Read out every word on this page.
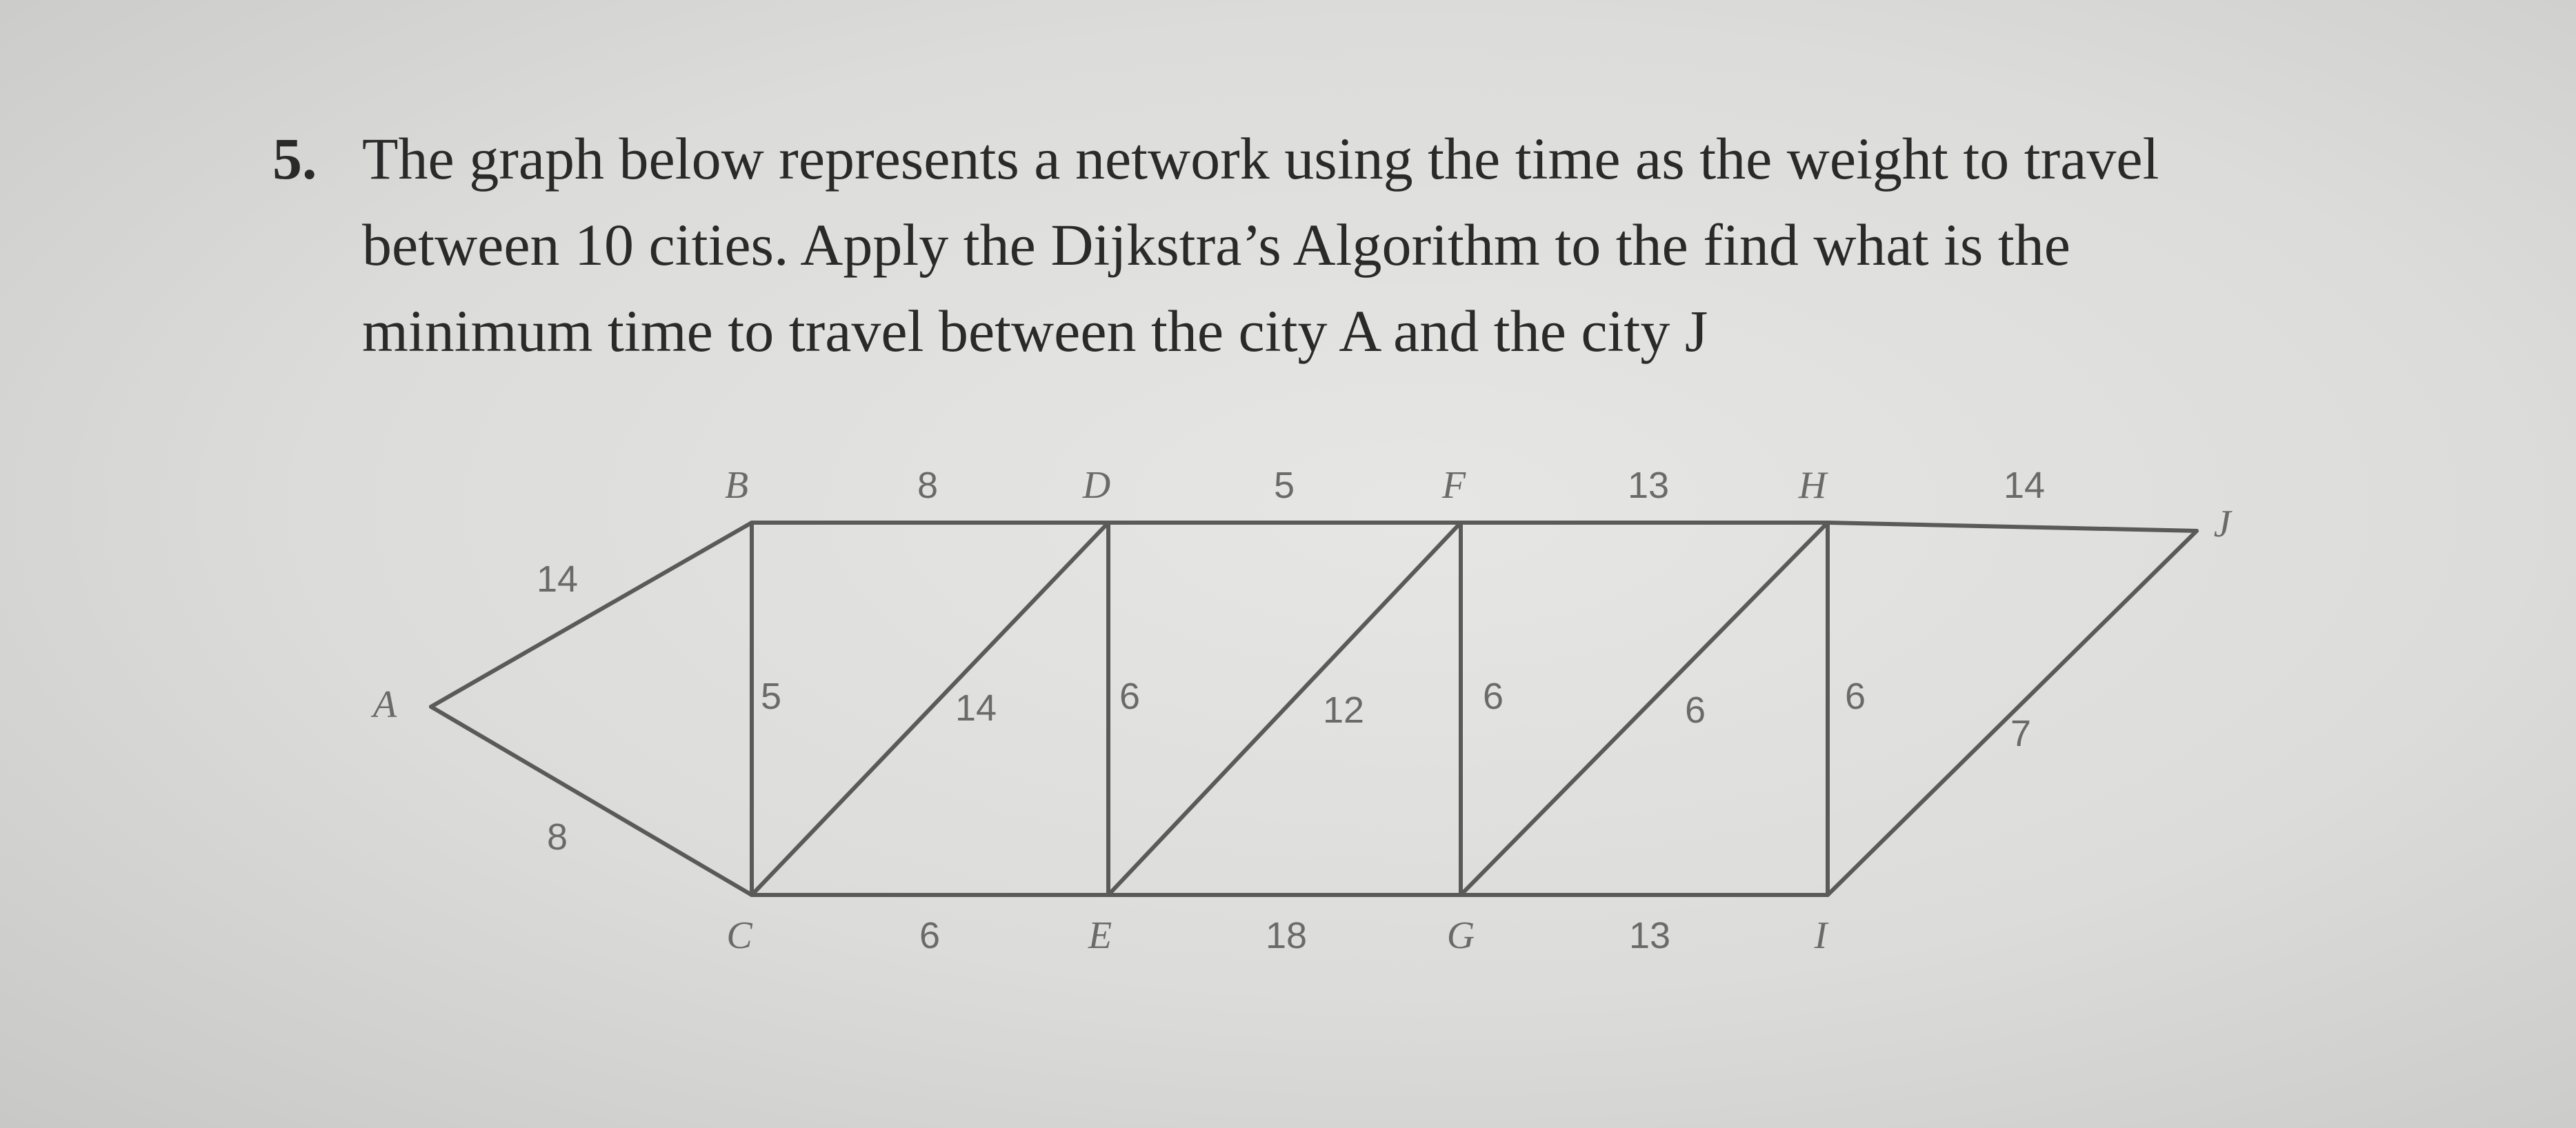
5. The graph below represents a network using the time as the weight to travel
between 10 cities. Apply the Dijkstra’s Algorithm to the find what is the
minimum time to travel between the city A and the city J
14
8
8	5	13	14
5	14	6	12	6	6	6
7
6	18	13
A
B
C
D
E
F
G
H
I
J
